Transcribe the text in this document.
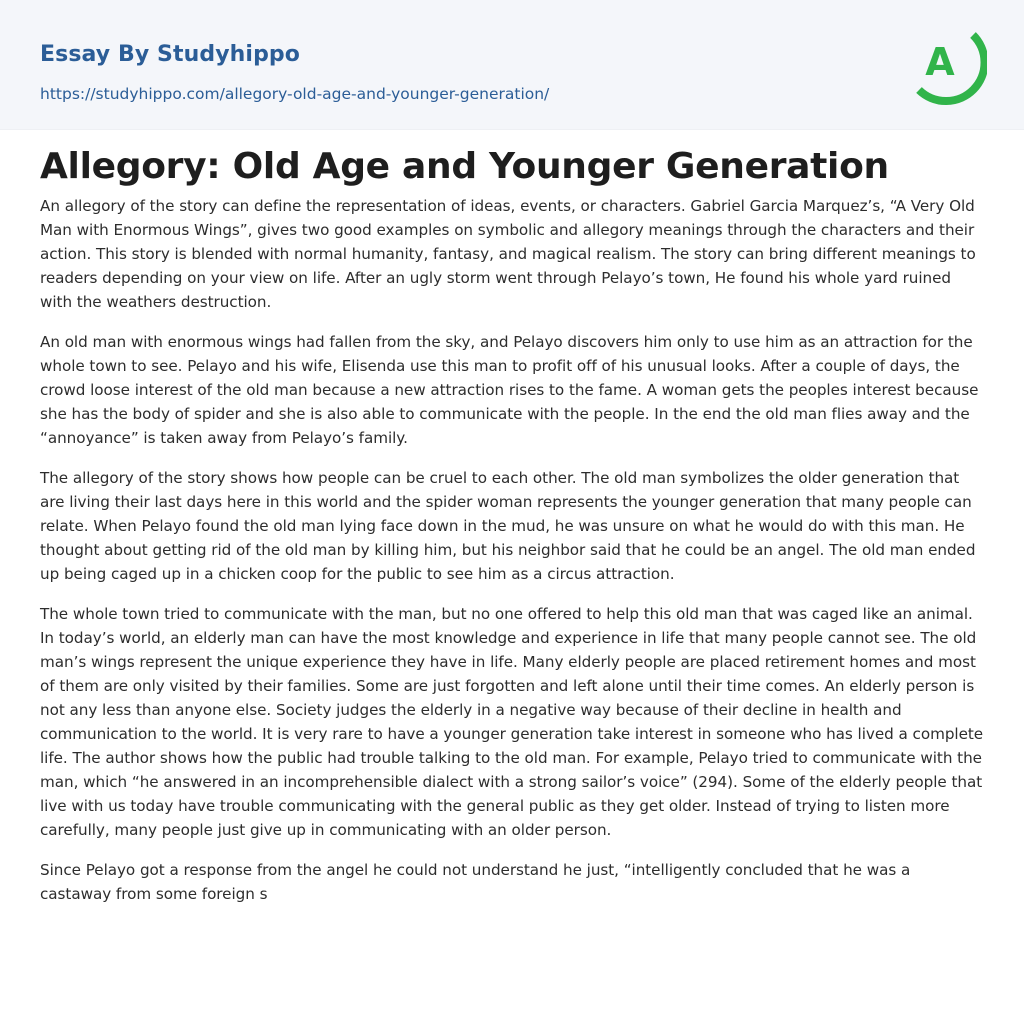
Essay By Studyhippo
https://studyhippo.com/allegory-old-age-and-younger-generation/
A
Allegory: Old Age and Younger Generation

An allegory of the story can define the representation of ideas, events, or characters. Gabriel Garcia Marquez’s, “A Very Old Man with Enormous Wings”, gives two good examples on symbolic and allegory meanings through the characters and their action. This story is blended with normal humanity, fantasy, and magical realism. The story can bring different meanings to readers depending on your view on life. After an ugly storm went through Pelayo’s town, He found his whole yard ruined with the weathers destruction.

An old man with enormous wings had fallen from the sky, and Pelayo discovers him only to use him as an attraction for the whole town to see. Pelayo and his wife, Elisenda use this man to profit off of his unusual looks. After a couple of days, the crowd loose interest of the old man because a new attraction rises to the fame. A woman gets the peoples interest because she has the body of spider and she is also able to communicate with the people. In the end the old man flies away and the “annoyance” is taken away from Pelayo’s family.

The allegory of the story shows how people can be cruel to each other. The old man symbolizes the older generation that are living their last days here in this world and the spider woman represents the younger generation that many people can relate. When Pelayo found the old man lying face down in the mud, he was unsure on what he would do with this man. He thought about getting rid of the old man by killing him, but his neighbor said that he could be an angel. The old man ended up being caged up in a chicken coop for the public to see him as a circus attraction.

The whole town tried to communicate with the man, but no one offered to help this old man that was caged like an animal. In today’s world, an elderly man can have the most knowledge and experience in life that many people cannot see. The old man’s wings represent the unique experience they have in life. Many elderly people are placed retirement homes and most of them are only visited by their families. Some are just forgotten and left alone until their time comes. An elderly person is not any less than anyone else. Society judges the elderly in a negative way because of their decline in health and communication to the world. It is very rare to have a younger generation take interest in someone who has lived a complete life. The author shows how the public had trouble talking to the old man. For example, Pelayo tried to communicate with the man, which “he answered in an incomprehensible dialect with a strong sailor’s voice” (294). Some of the elderly people that live with us today have trouble communicating with the general public as they get older. Instead of trying to listen more carefully, many people just give up in communicating with an older person.

Since Pelayo got a response from the angel he could not understand he just, “intelligently concluded that he was a castaway from some foreign s
